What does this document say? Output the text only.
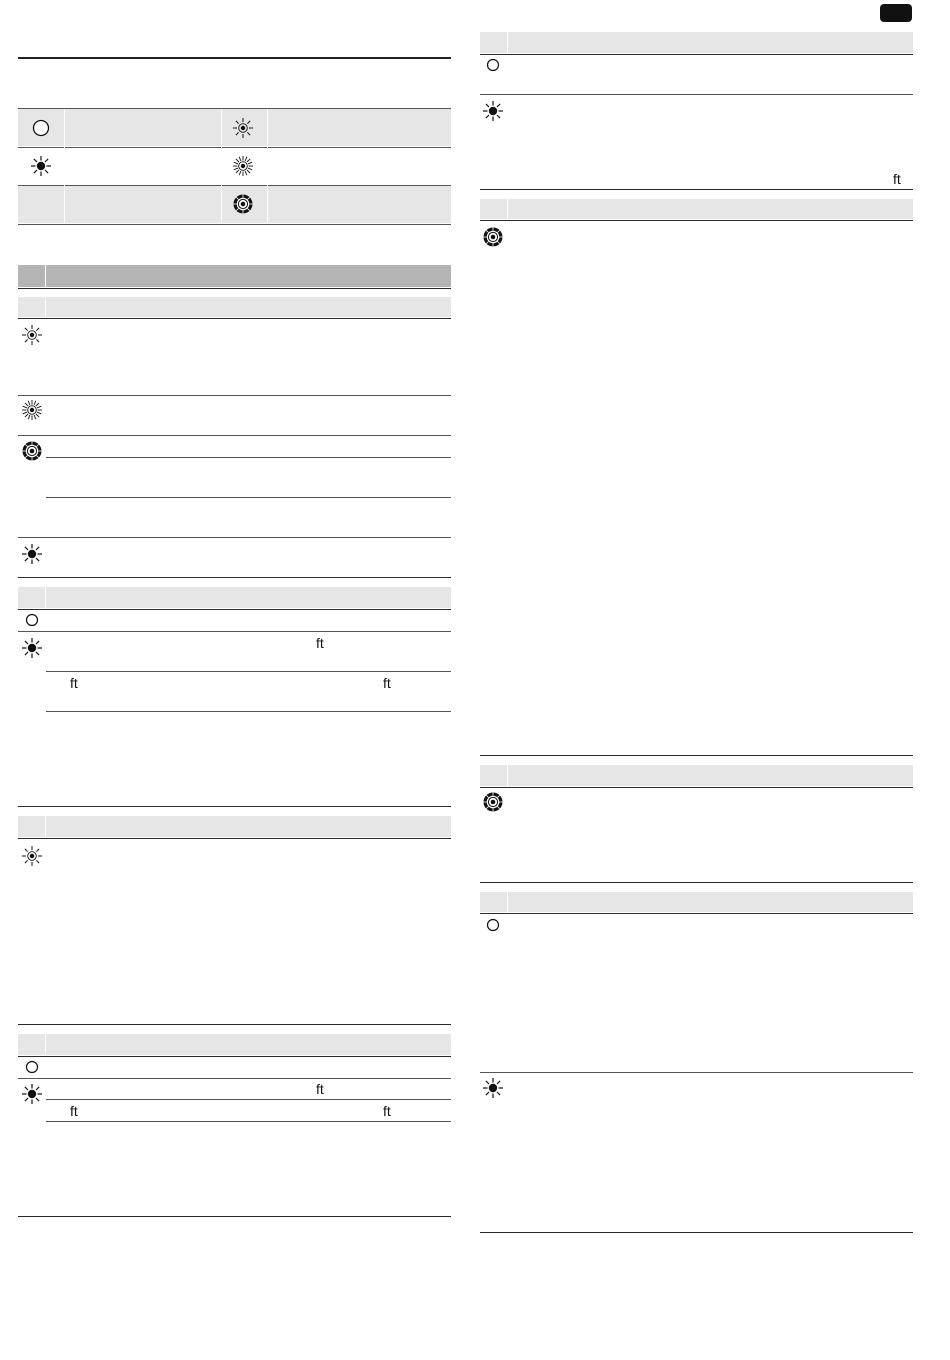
ft
ft	ft
ft
ft	ft
ft
